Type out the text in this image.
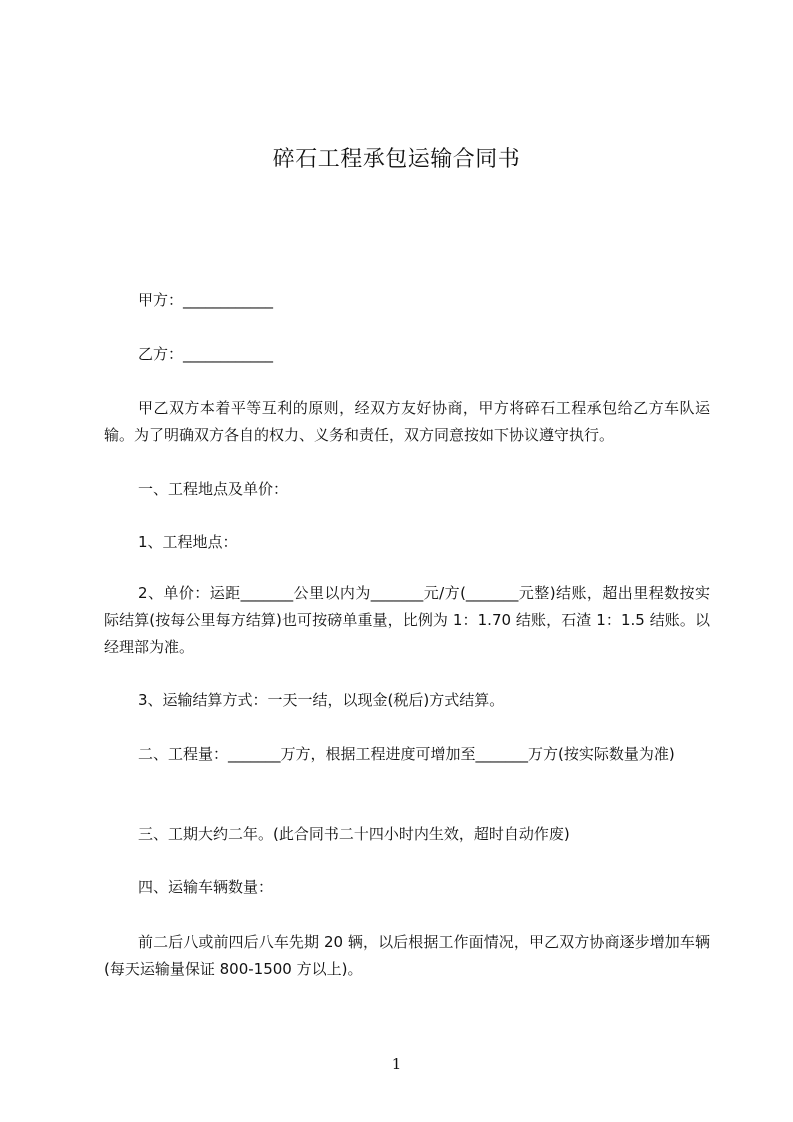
碎石工程承包运输合同书
甲方：____________
乙方：____________
甲乙双方本着平等互利的原则，经双方友好协商，甲方将碎石工程承包给乙方车队运输。为了明确双方各自的权力、义务和责任，双方同意按如下协议遵守执行。
一、工程地点及单价：
1、工程地点：
2、单价：运距_______公里以内为_______元/方(_______元整)结账，超出里程数按实际结算(按每公里每方结算)也可按磅单重量，比例为 1：1.70 结账，石渣 1：1.5 结账。以经理部为准。
3、运输结算方式：一天一结，以现金(税后)方式结算。
二、工程量：_______万方，根据工程进度可增加至_______万方(按实际数量为准)
三、工期大约二年。(此合同书二十四小时内生效，超时自动作废)
四、运输车辆数量：
前二后八或前四后八车先期 20 辆，以后根据工作面情况，甲乙双方协商逐步增加车辆(每天运输量保证 800-1500 方以上)。
1
